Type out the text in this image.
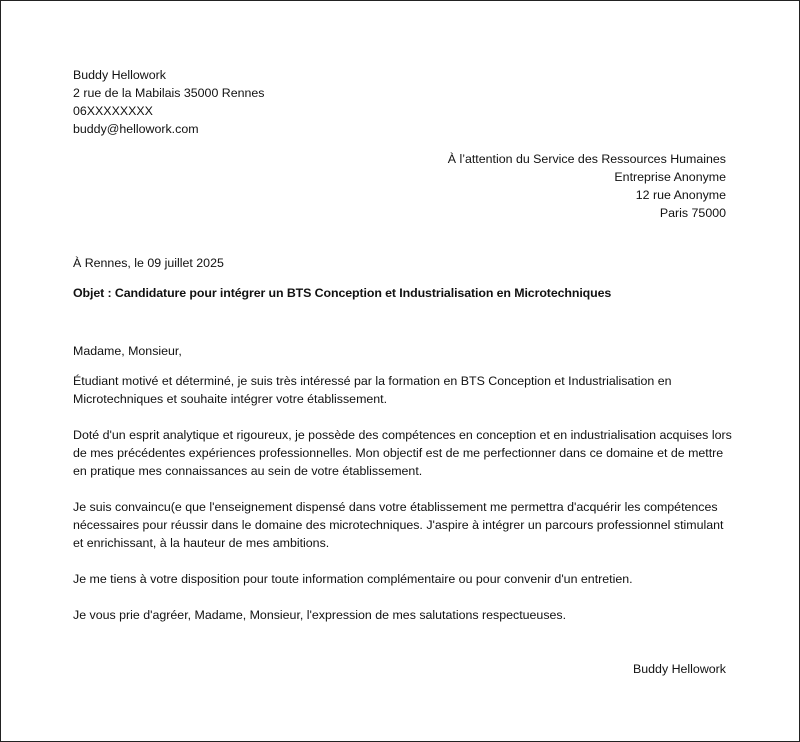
Buddy Hellowork
2 rue de la Mabilais 35000 Rennes
06XXXXXXXX
buddy@hellowork.com
À l’attention du Service des Ressources Humaines
Entreprise Anonyme
12 rue Anonyme
Paris 75000
À Rennes, le 09 juillet 2025
Objet : Candidature pour intégrer un BTS Conception et Industrialisation en Microtechniques
Madame, Monsieur,
Étudiant motivé et déterminé, je suis très intéressé par la formation en BTS Conception et Industrialisation en Microtechniques et souhaite intégrer votre établissement.
Doté d'un esprit analytique et rigoureux, je possède des compétences en conception et en industrialisation acquises lors de mes précédentes expériences professionnelles. Mon objectif est de me perfectionner dans ce domaine et de mettre en pratique mes connaissances au sein de votre établissement.
Je suis convaincu(e que l'enseignement dispensé dans votre établissement me permettra d'acquérir les compétences nécessaires pour réussir dans le domaine des microtechniques. J'aspire à intégrer un parcours professionnel stimulant et enrichissant, à la hauteur de mes ambitions.
Je me tiens à votre disposition pour toute information complémentaire ou pour convenir d'un entretien.
Je vous prie d'agréer, Madame, Monsieur, l'expression de mes salutations respectueuses.
Buddy Hellowork
